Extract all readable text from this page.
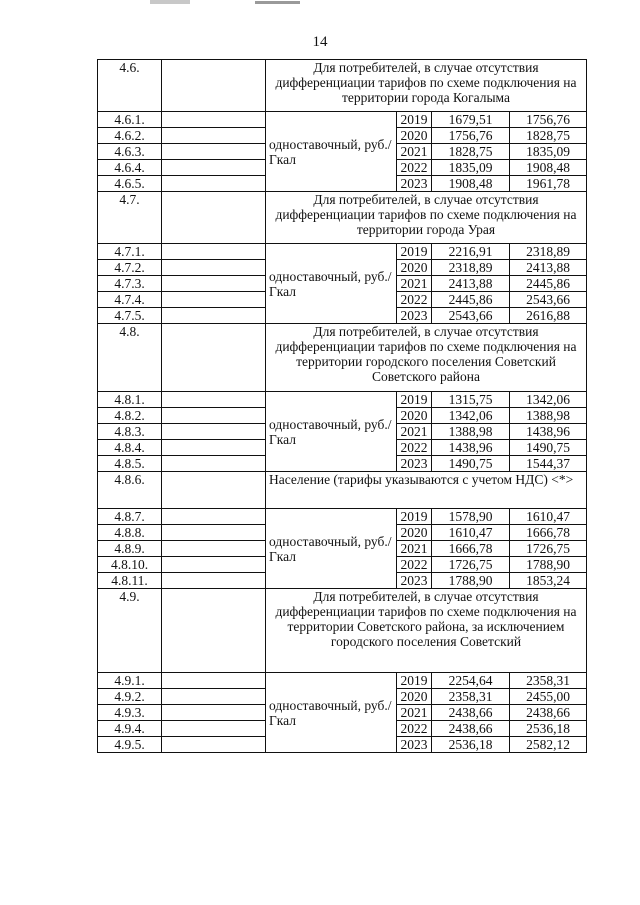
14
4.6.		Для потребителей, в случае отсутствия дифференциации тарифов по схеме подключения на территории города Когалыма			
4.6.1.		одноставочный, руб./Гкал	2019	1679,51	1756,76
4.6.2.			2020	1756,76	1828,75
4.6.3.			2021	1828,75	1835,09
4.6.4.			2022	1835,09	1908,48
4.6.5.			2023	1908,48	1961,78
4.7.		Для потребителей, в случае отсутствия дифференциации тарифов по схеме подключения на территории города Урая			
4.7.1.		одноставочный, руб./Гкал	2019	2216,91	2318,89
4.7.2.			2020	2318,89	2413,88
4.7.3.			2021	2413,88	2445,86
4.7.4.			2022	2445,86	2543,66
4.7.5.			2023	2543,66	2616,88
4.8.		Для потребителей, в случае отсутствия дифференциации тарифов по схеме подключения на территории городского поселения Советский Советского района			
4.8.1.		одноставочный, руб./Гкал	2019	1315,75	1342,06
4.8.2.			2020	1342,06	1388,98
4.8.3.			2021	1388,98	1438,96
4.8.4.			2022	1438,96	1490,75
4.8.5.			2023	1490,75	1544,37
4.8.6.		Население (тарифы указываются с учетом НДС) <*>			
4.8.7.		одноставочный, руб./Гкал	2019	1578,90	1610,47
4.8.8.			2020	1610,47	1666,78
4.8.9.			2021	1666,78	1726,75
4.8.10.			2022	1726,75	1788,90
4.8.11.			2023	1788,90	1853,24
4.9.		Для потребителей, в случае отсутствия дифференциации тарифов по схеме подключения на территории Советского района, за исключением городского поселения Советский			
4.9.1.		одноставочный, руб./Гкал	2019	2254,64	2358,31
4.9.2.			2020	2358,31	2455,00
4.9.3.			2021	2438,66	2438,66
4.9.4.			2022	2438,66	2536,18
4.9.5.			2023	2536,18	2582,12
